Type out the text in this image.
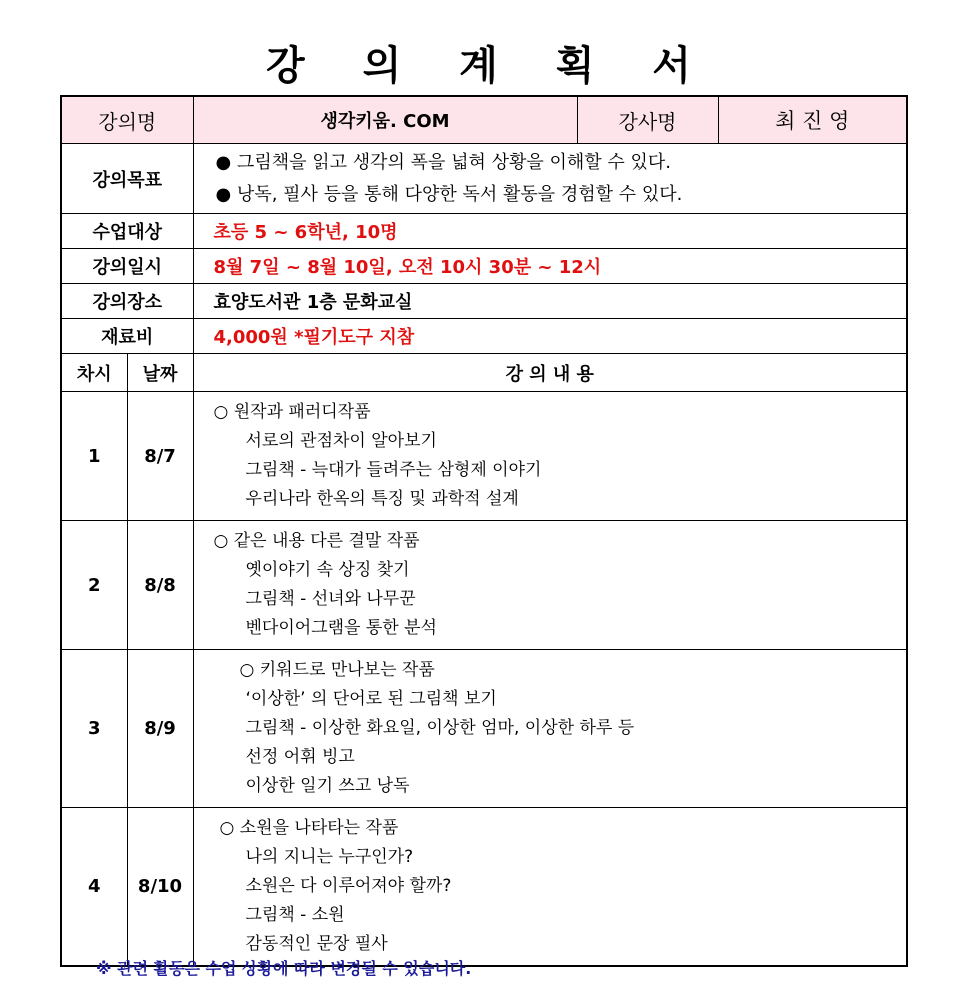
강 의 계 획 서
강의명		생각키움. COM	강사명	최 진 영
강의목표		● 그림책을 읽고 생각의 폭을 넓혀 상황을 이해할 수 있다.
● 낭독, 필사 등을 통해 다양한 독서 활동을 경험할 수 있다.		

수업대상		초등 5 ~ 6학년, 10명		
강의일시		8월 7일 ~ 8월 10일, 오전 10시 30분 ~ 12시		
강의장소		효양도서관 1층 문화교실		
재료비		4,000원 *필기도구 지참		
차시	날짜	강 의 내 용		
1	8/7	○ 원작과 패러디작품
서로의 관점차이 알아보기
그림책 - 늑대가 들려주는 삼형제 이야기
우리나라 한옥의 특징 및 과학적 설계		

2	8/8	○ 같은 내용 다른 결말 작품
옛이야기 속 상징 찾기
그림책 - 선녀와 나무꾼
벤다이어그램을 통한 분석		

3	8/9	○ 키워드로 만나보는 작품
‘이상한’ 의 단어로 된 그림책 보기
그림책 - 이상한 화요일, 이상한 엄마, 이상한 하루 등
선정 어휘 빙고
이상한 일기 쓰고 낭독		

4	8/10	○ 소원을 나타타는 작품
나의 지니는 누구인가?
소원은 다 이루어져야 할까?
그림책 - 소원
감동적인 문장 필사		
※ 관련 활동은 수업 상황에 따라 변경될 수 있습니다.
